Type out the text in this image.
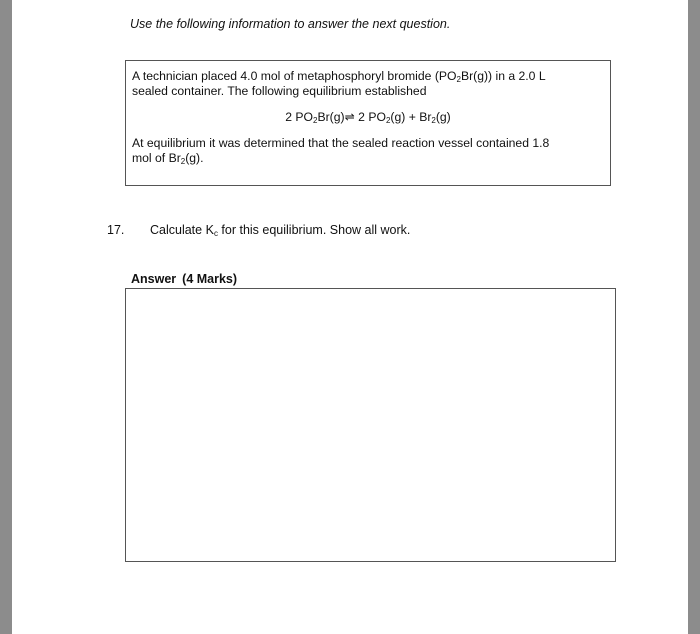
Use the following information to answer the next question.

A technician placed 4.0 mol of metaphosphoryl bromide $(PO_2Br(g))$ in a 2.0 L

sealed container. The following equilibrium established

2 $PO_2Br(g)\rightleftharpoons$ 2 $PO_2(g) + Br_2(g)$

At equilibrium it was determined that the sealed reaction vessel contained 1.8

mol of $Br_2(g)$.

17. Calculate $K_c$ for this equilibrium. Show all work.
Answer (4 Marks)
